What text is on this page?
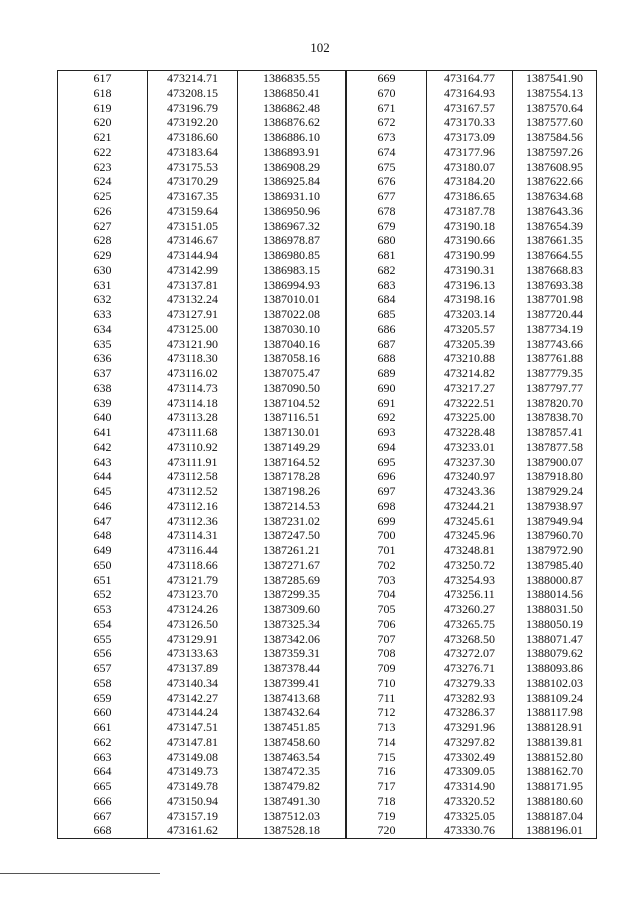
102
617	473214.71	1386835.55
618	473208.15	1386850.41
619	473196.79	1386862.48
620	473192.20	1386876.62
621	473186.60	1386886.10
622	473183.64	1386893.91
623	473175.53	1386908.29
624	473170.29	1386925.84
625	473167.35	1386931.10
626	473159.64	1386950.96
627	473151.05	1386967.32
628	473146.67	1386978.87
629	473144.94	1386980.85
630	473142.99	1386983.15
631	473137.81	1386994.93
632	473132.24	1387010.01
633	473127.91	1387022.08
634	473125.00	1387030.10
635	473121.90	1387040.16
636	473118.30	1387058.16
637	473116.02	1387075.47
638	473114.73	1387090.50
639	473114.18	1387104.52
640	473113.28	1387116.51
641	473111.68	1387130.01
642	473110.92	1387149.29
643	473111.91	1387164.52
644	473112.58	1387178.28
645	473112.52	1387198.26
646	473112.16	1387214.53
647	473112.36	1387231.02
648	473114.31	1387247.50
649	473116.44	1387261.21
650	473118.66	1387271.67
651	473121.79	1387285.69
652	473123.70	1387299.35
653	473124.26	1387309.60
654	473126.50	1387325.34
655	473129.91	1387342.06
656	473133.63	1387359.31
657	473137.89	1387378.44
658	473140.34	1387399.41
659	473142.27	1387413.68
660	473144.24	1387432.64
661	473147.51	1387451.85
662	473147.81	1387458.60
663	473149.08	1387463.54
664	473149.73	1387472.35
665	473149.78	1387479.82
666	473150.94	1387491.30
667	473157.19	1387512.03
668	473161.62	1387528.18
669	473164.77	1387541.90
670	473164.93	1387554.13
671	473167.57	1387570.64
672	473170.33	1387577.60
673	473173.09	1387584.56
674	473177.96	1387597.26
675	473180.07	1387608.95
676	473184.20	1387622.66
677	473186.65	1387634.68
678	473187.78	1387643.36
679	473190.18	1387654.39
680	473190.66	1387661.35
681	473190.99	1387664.55
682	473190.31	1387668.83
683	473196.13	1387693.38
684	473198.16	1387701.98
685	473203.14	1387720.44
686	473205.57	1387734.19
687	473205.39	1387743.66
688	473210.88	1387761.88
689	473214.82	1387779.35
690	473217.27	1387797.77
691	473222.51	1387820.70
692	473225.00	1387838.70
693	473228.48	1387857.41
694	473233.01	1387877.58
695	473237.30	1387900.07
696	473240.97	1387918.80
697	473243.36	1387929.24
698	473244.21	1387938.97
699	473245.61	1387949.94
700	473245.96	1387960.70
701	473248.81	1387972.90
702	473250.72	1387985.40
703	473254.93	1388000.87
704	473256.11	1388014.56
705	473260.27	1388031.50
706	473265.75	1388050.19
707	473268.50	1388071.47
708	473272.07	1388079.62
709	473276.71	1388093.86
710	473279.33	1388102.03
711	473282.93	1388109.24
712	473286.37	1388117.98
713	473291.96	1388128.91
714	473297.82	1388139.81
715	473302.49	1388152.80
716	473309.05	1388162.70
717	473314.90	1388171.95
718	473320.52	1388180.60
719	473325.05	1388187.04
720	473330.76	1388196.01
